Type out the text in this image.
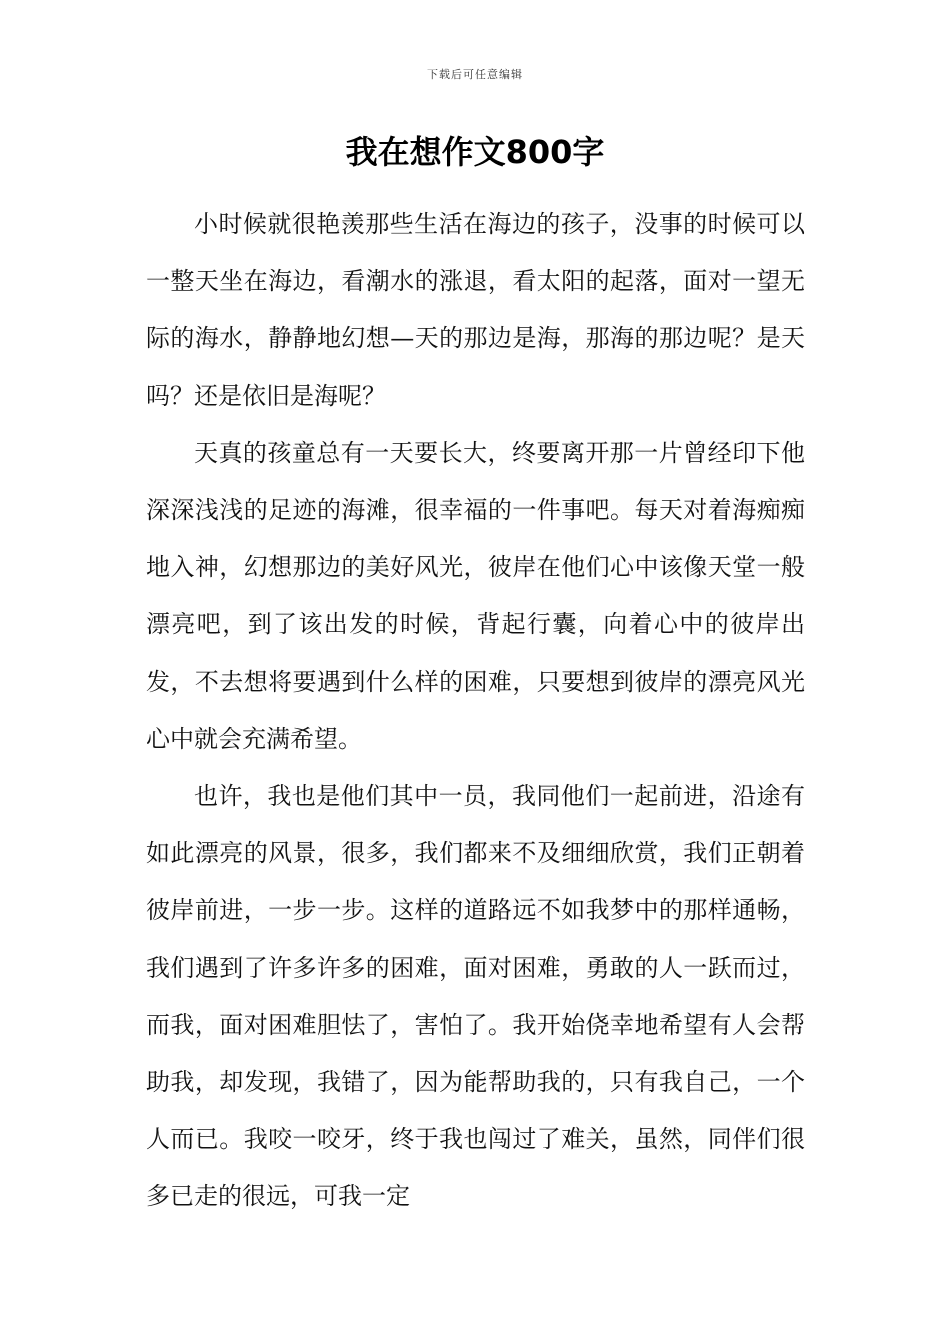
下载后可任意编辑
我在想作文800字

小时候就很艳羡那些生活在海边的孩子，没事的时候可以一整天坐在海边，看潮水的涨退，看太阳的起落，面对一望无际的海水，静静地幻想—天的那边是海，那海的那边呢？是天吗？还是依旧是海呢？

天真的孩童总有一天要长大，终要离开那一片曾经印下他深深浅浅的足迹的海滩，很幸福的一件事吧。每天对着海痴痴地入神，幻想那边的美好风光，彼岸在他们心中该像天堂一般漂亮吧，到了该出发的时候，背起行囊，向着心中的彼岸出发，不去想将要遇到什么样的困难，只要想到彼岸的漂亮风光心中就会充满希望。

也许，我也是他们其中一员，我同他们一起前进，沿途有如此漂亮的风景，很多，我们都来不及细细欣赏，我们正朝着彼岸前进，一步一步。这样的道路远不如我梦中的那样通畅，我们遇到了许多许多的困难，面对困难，勇敢的人一跃而过，而我，面对困难胆怯了，害怕了。我开始侥幸地希望有人会帮助我，却发现，我错了，因为能帮助我的，只有我自己，一个人而已。我咬一咬牙，终于我也闯过了难关，虽然，同伴们很多已走的很远，可我一定
